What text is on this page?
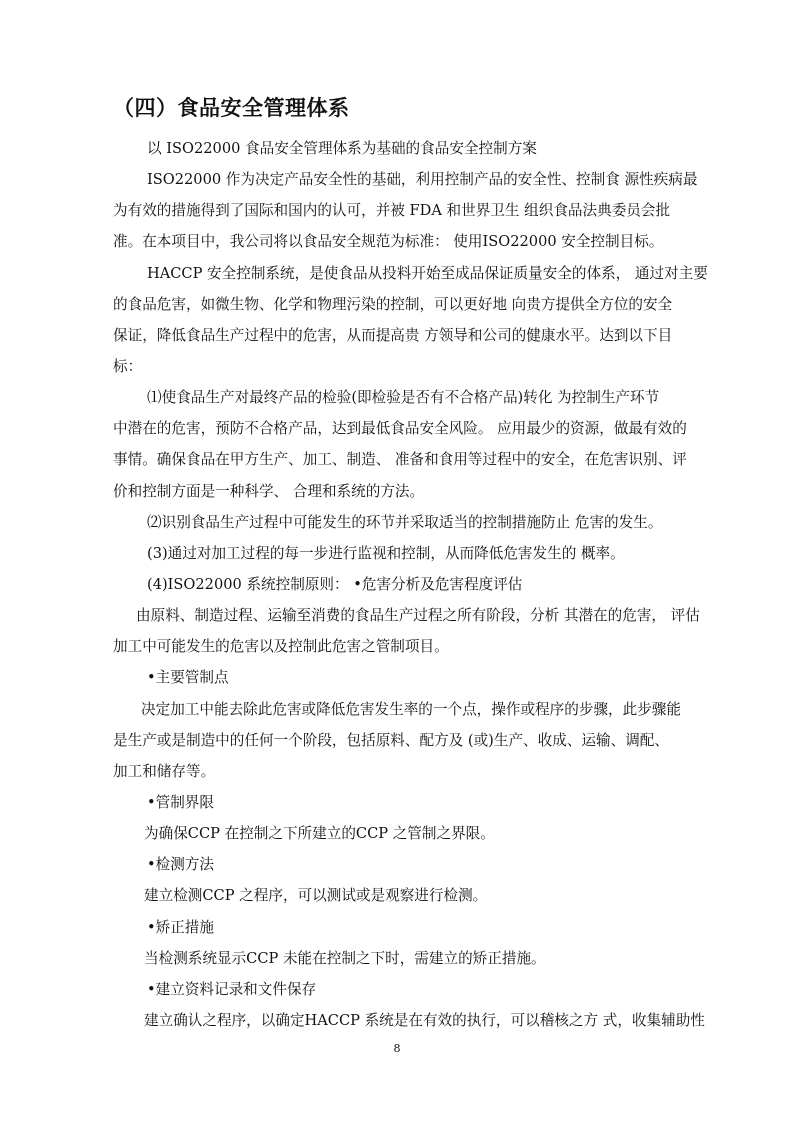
（四）食品安全管理体系
以 ISO22000 食品安全管理体系为基础的食品安全控制方案
ISO22000 作为决定产品安全性的基础，利用控制产品的安全性、控制食 源性疾病最
为有效的措施得到了国际和国内的认可，并被 FDA 和世界卫生 组织食品法典委员会批
准。在本项目中，我公司将以食品安全规范为标准： 使用ISO22000 安全控制目标。
HACCP 安全控制系统，是使食品从投料开始至成品保证质量安全的体系， 通过对主要
的食品危害，如微生物、化学和物理污染的控制，可以更好地 向贵方提供全方位的安全
保证，降低食品生产过程中的危害，从而提高贵 方领导和公司的健康水平。达到以下目
标：
⑴使食品生产对最终产品的检验(即检验是否有不合格产品)转化 为控制生产环节
中潜在的危害，预防不合格产品，达到最低食品安全风险。 应用最少的资源，做最有效的
事情。确保食品在甲方生产、加工、制造、 准备和食用等过程中的安全，在危害识别、评
价和控制方面是一种科学、 合理和系统的方法。
⑵识别食品生产过程中可能发生的环节并采取适当的控制措施防止 危害的发生。
(3)通过对加工过程的每一步进行监视和控制，从而降低危害发生的 概率。
(4)ISO22000 系统控制原则： •危害分析及危害程度评估
由原料、制造过程、运输至消费的食品生产过程之所有阶段，分析 其潜在的危害， 评估
加工中可能发生的危害以及控制此危害之管制项目。
•主要管制点
决定加工中能去除此危害或降低危害发生率的一个点，操作或程序的步骤，此步骤能
是生产或是制造中的任何一个阶段，包括原料、配方及 (或)生产、收成、运输、调配、
加工和储存等。
•管制界限
为确保CCP 在控制之下所建立的CCP 之管制之界限。
•检测方法
建立检测CCP 之程序，可以测试或是观察进行检测。
•矫正措施
当检测系统显示CCP 未能在控制之下时，需建立的矫正措施。
•建立资料记录和文件保存
建立确认之程序，以确定HACCP 系统是在有效的执行，可以稽核之方 式，收集辅助性
8
